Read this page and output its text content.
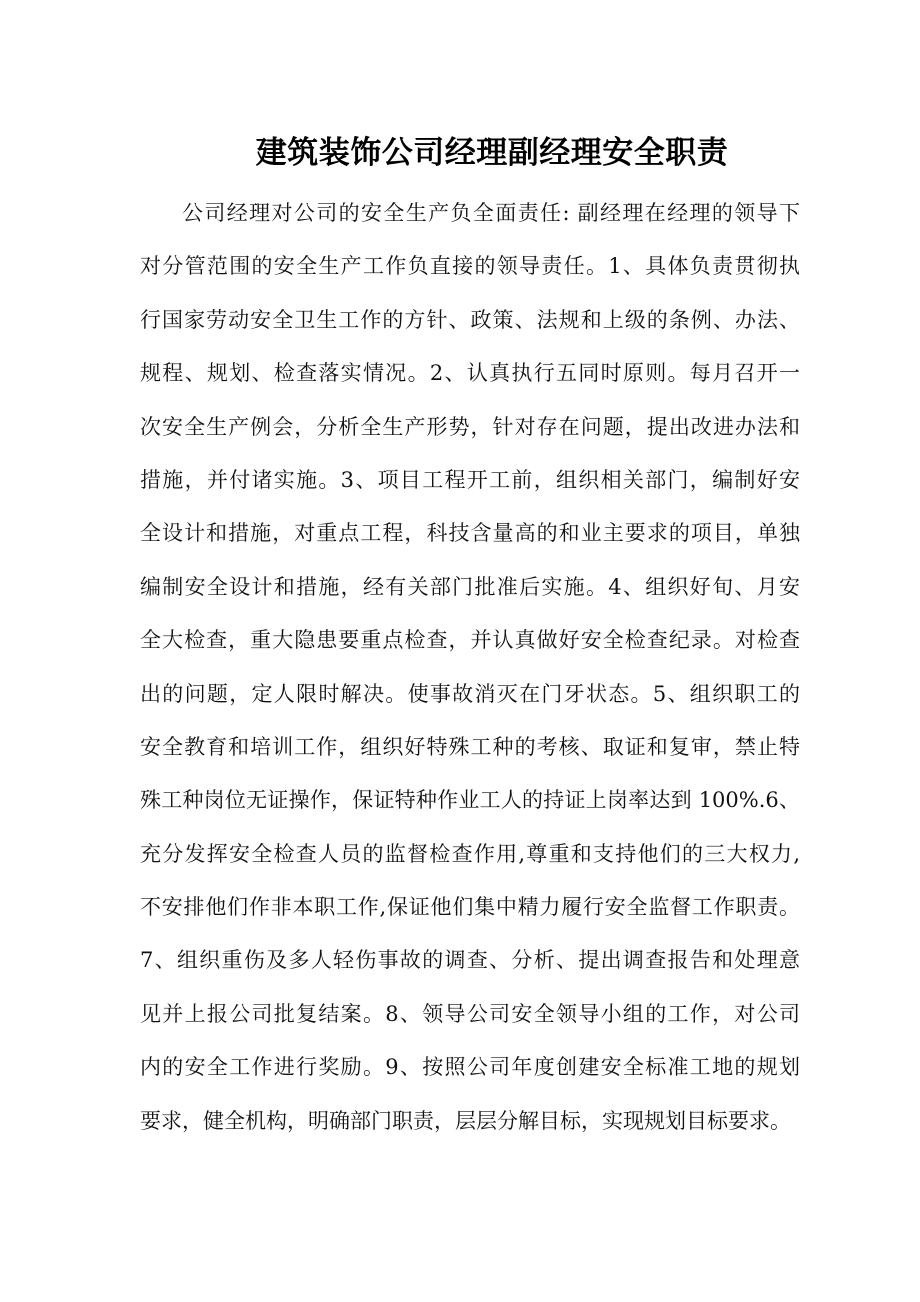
建筑装饰公司经理副经理安全职责
公司经理对公司的安全生产负全面责任: 副经理在经理的领导下
对分管范围的安全生产工作负直接的领导责任。1、具体负责贯彻执
行国家劳动安全卫生工作的方针、政策、法规和上级的条例、办法、
规程、规划、检查落实情况。2、认真执行五同时原则。每月召开一
次安全生产例会，分析全生产形势，针对存在问题，提出改进办法和
措施，并付诸实施。3、项目工程开工前，组织相关部门，编制好安
全设计和措施，对重点工程，科技含量高的和业主要求的项目，单独
编制安全设计和措施，经有关部门批准后实施。4、组织好旬、月安
全大检查，重大隐患要重点检查，并认真做好安全检查纪录。对检查
出的问题，定人限时解决。使事故消灭在门牙状态。5、组织职工的
安全教育和培训工作，组织好特殊工种的考核、取证和复审，禁止特
殊工种岗位无证操作，保证特种作业工人的持证上岗率达到 100%.6、
充分发挥安全检查人员的监督检查作用,尊重和支持他们的三大权力,
不安排他们作非本职工作,保证他们集中精力履行安全监督工作职责。
7、组织重伤及多人轻伤事故的调查、分析、提出调查报告和处理意
见并上报公司批复结案。8、领导公司安全领导小组的工作，对公司
内的安全工作进行奖励。9、按照公司年度创建安全标准工地的规划
要求，健全机构，明确部门职责，层层分解目标，实现规划目标要求。
